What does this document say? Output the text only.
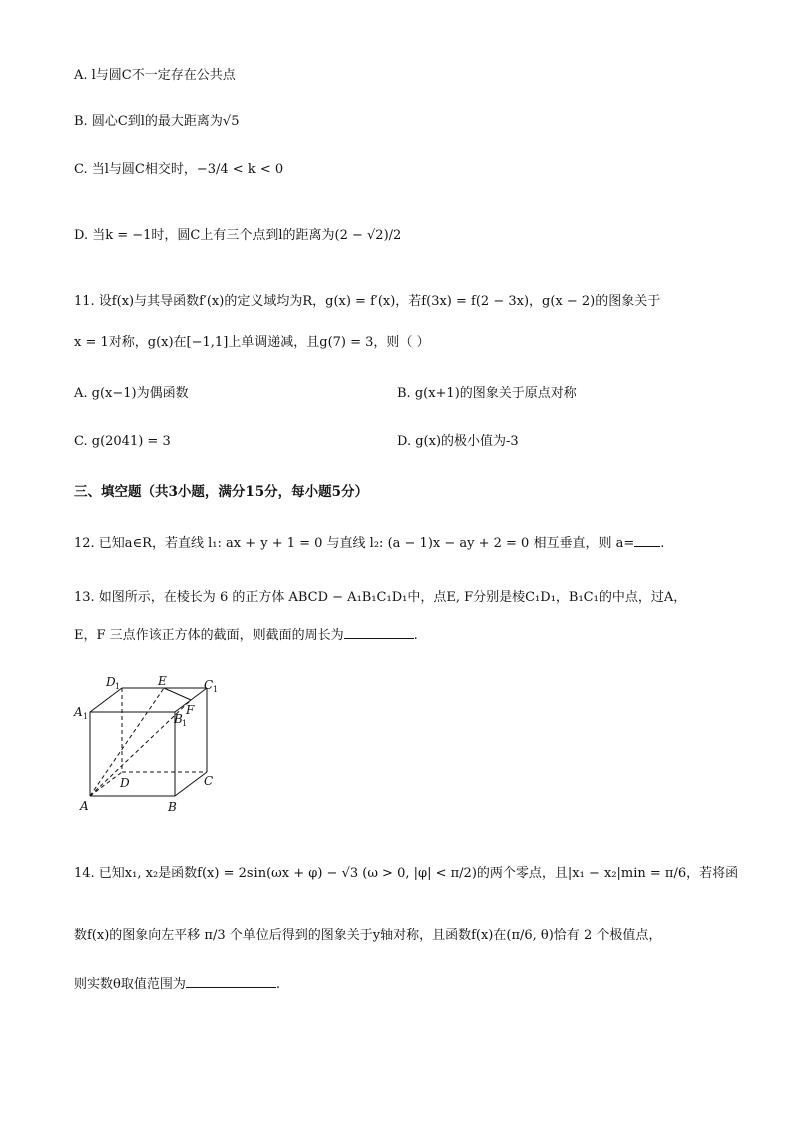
A. l与圆C不一定存在公共点
B. 圆心C到l的最大距离为√5
C. 当l与圆C相交时，−3/4 < k < 0
D. 当k = −1时，圆C上有三个点到l的距离为(2 − √2)/2
11. 设f(x)与其导函数f′(x)的定义域均为R，g(x) = f′(x)，若f(3x) = f(2 − 3x)，g(x − 2)的图象关于
x = 1对称，g(x)在[−1,1]上单调递减，且g(7) = 3，则（ ）
A. g(x−1)为偶函数	B. g(x+1)的图象关于原点对称
C. g(2041) = 3	D. g(x)的极小值为-3
三、填空题（共3小题，满分15分，每小题5分）
12. 已知a∈R，若直线 l₁: ax + y + 1 = 0 与直线 l₂: (a − 1)x − ay + 2 = 0 相互垂直，则 a= .
13. 如图所示，在棱长为 6 的正方体 ABCD − A₁B₁C₁D₁中，点E, F分别是棱C₁D₁，B₁C₁的中点，过A，
E，F 三点作该正方体的截面，则截面的周长为	.
D 1	E	C 1
A 1	B 1
F
D	C
A	B
14. 已知x₁, x₂是函数f(x) = 2sin(ωx + φ) − √3 (ω > 0, |φ| < π/2)的两个零点，且|x₁ − x₂|min = π/6，若将函
数f(x)的图象向左平移 π/3 个单位后得到的图象关于y轴对称，且函数f(x)在(π/6, θ)恰有 2 个极值点，
则实数θ取值范围为	.
